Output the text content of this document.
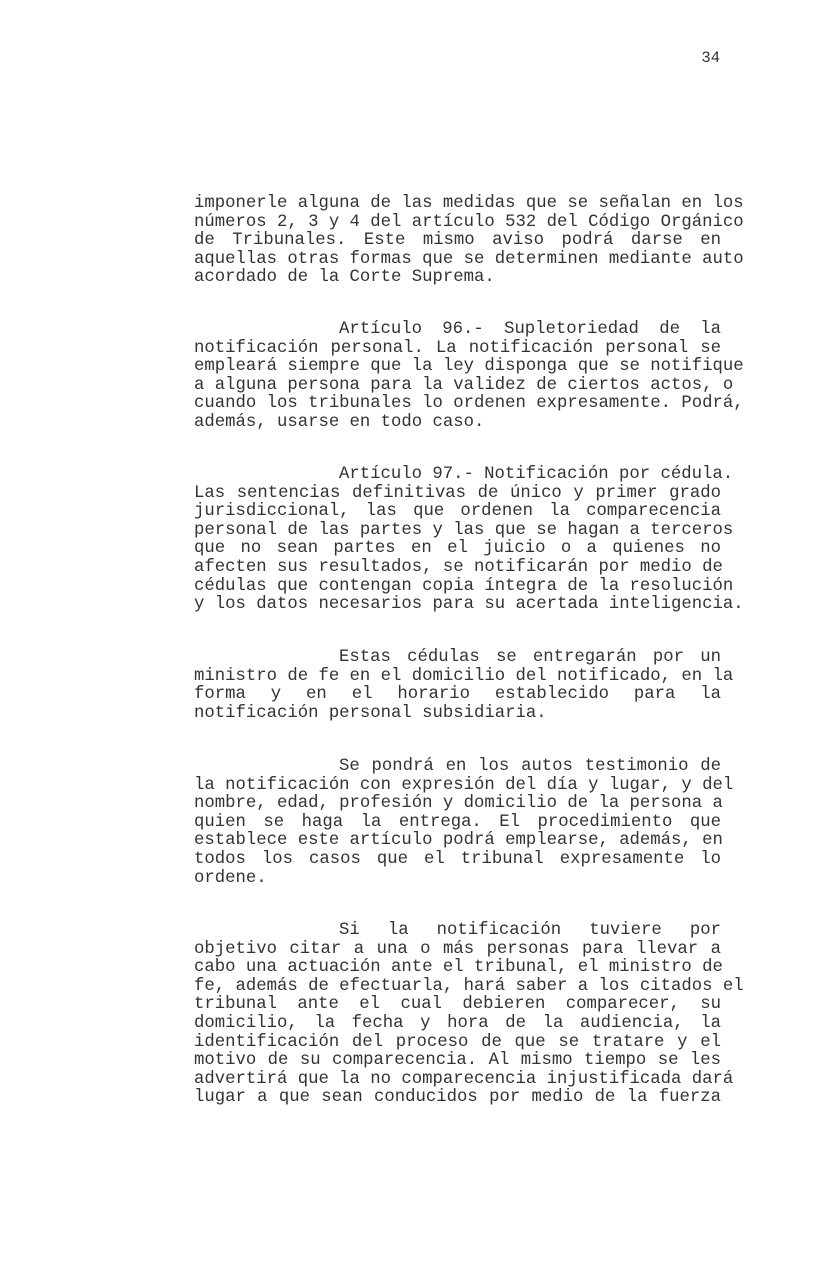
34
imponerle alguna de las medidas que se señalan en los
números 2, 3 y 4 del artículo 532 del Código Orgánico
de Tribunales. Este mismo aviso podrá darse en
aquellas otras formas que se determinen mediante auto
acordado de la Corte Suprema.
Artículo 96.- Supletoriedad de la
notificación personal. La notificación personal se
empleará siempre que la ley disponga que se notifique
a alguna persona para la validez de ciertos actos, o
cuando los tribunales lo ordenen expresamente. Podrá,
además, usarse en todo caso.
Artículo 97.- Notificación por cédula.
Las sentencias definitivas de único y primer grado
jurisdiccional, las que ordenen la comparecencia
personal de las partes y las que se hagan a terceros
que no sean partes en el juicio o a quienes no
afecten sus resultados, se notificarán por medio de
cédulas que contengan copia íntegra de la resolución
y los datos necesarios para su acertada inteligencia.
Estas cédulas se entregarán por un
ministro de fe en el domicilio del notificado, en la
forma y en el horario establecido para la
notificación personal subsidiaria.
Se pondrá en los autos testimonio de
la notificación con expresión del día y lugar, y del
nombre, edad, profesión y domicilio de la persona a
quien se haga la entrega. El procedimiento que
establece este artículo podrá emplearse, además, en
todos los casos que el tribunal expresamente lo
ordene.
Si la notificación tuviere por
objetivo citar a una o más personas para llevar a
cabo una actuación ante el tribunal, el ministro de
fe, además de efectuarla, hará saber a los citados el
tribunal ante el cual debieren comparecer, su
domicilio, la fecha y hora de la audiencia, la
identificación del proceso de que se tratare y el
motivo de su comparecencia. Al mismo tiempo se les
advertirá que la no comparecencia injustificada dará
lugar a que sean conducidos por medio de la fuerza
